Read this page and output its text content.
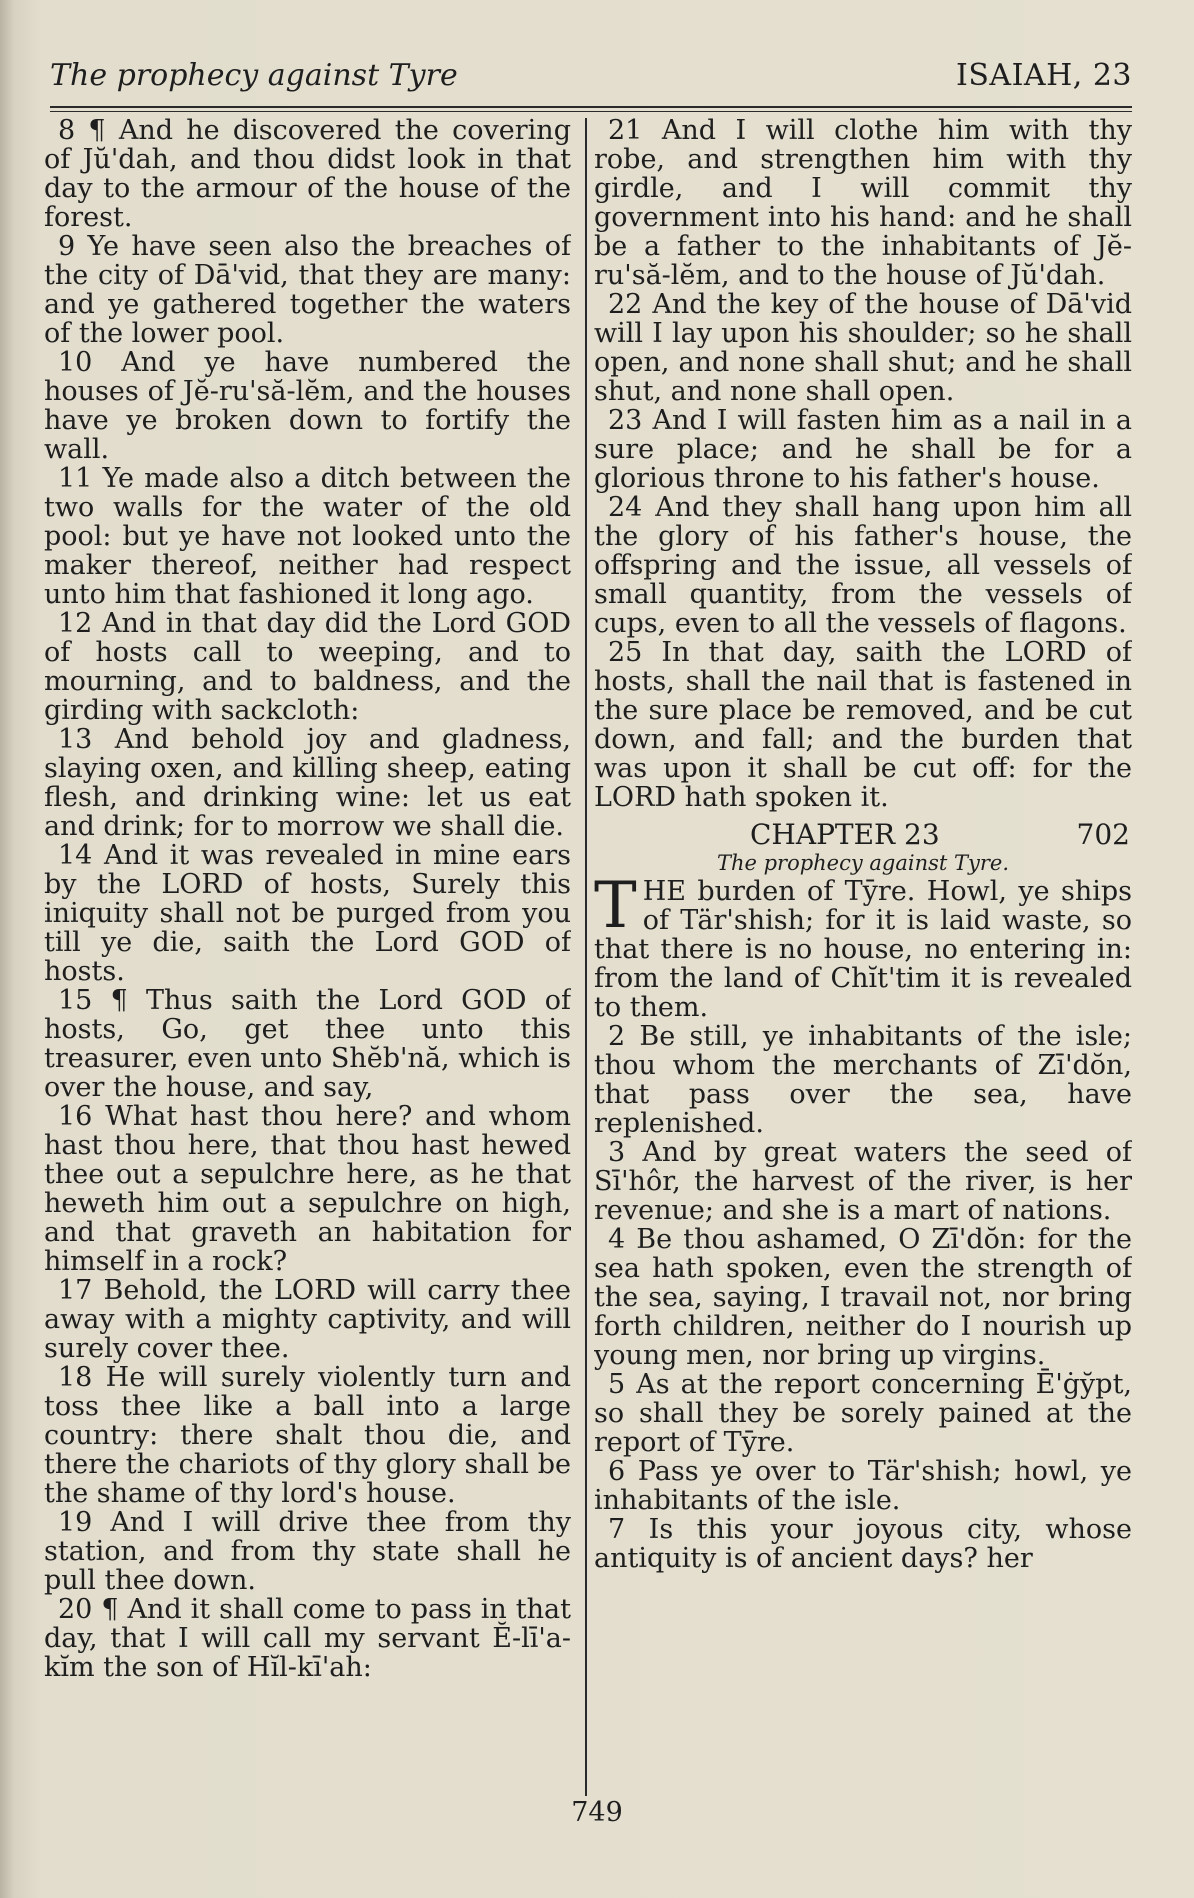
The prophecy against Tyre	ISAIAH, 23

8 ¶ And he discovered the covering of Jŭ'dah, and thou didst look in that day to the armour of the house of the forest.

9 Ye have seen also the breaches of the city of Dā'vid, that they are many: and ye gathered together the waters of the lower pool.

10 And ye have numbered the houses of Jĕ-ru'să-lĕm, and the houses have ye broken down to fortify the wall.

11 Ye made also a ditch between the two walls for the water of the old pool: but ye have not looked unto the maker thereof, neither had respect unto him that fashioned it long ago.

12 And in that day did the Lord GOD of hosts call to weeping, and to mourning, and to baldness, and the girding with sackcloth:

13 And behold joy and gladness, slaying oxen, and killing sheep, eating flesh, and drinking wine: let us eat and drink; for to morrow we shall die.

14 And it was revealed in mine ears by the LORD of hosts, Surely this iniquity shall not be purged from you till ye die, saith the Lord GOD of hosts.

15 ¶ Thus saith the Lord GOD of hosts, Go, get thee unto this treasurer, even unto Shĕb'nă, which is over the house, and say,

16 What hast thou here? and whom hast thou here, that thou hast hewed thee out a sepulchre here, as he that heweth him out a sepulchre on high, and that graveth an habitation for himself in a rock?

17 Behold, the LORD will carry thee away with a mighty captivity, and will surely cover thee.

18 He will surely violently turn and toss thee like a ball into a large country: there shalt thou die, and there the chariots of thy glory shall be the shame of thy lord's house.

19 And I will drive thee from thy station, and from thy state shall he pull thee down.

20 ¶ And it shall come to pass in that day, that I will call my servant Ĕ-lī'a-kĭm the son of Hĭl-kī'ah:

21 And I will clothe him with thy robe, and strengthen him with thy girdle, and I will commit thy government into his hand: and he shall be a father to the inhabitants of Jĕ-ru'să-lĕm, and to the house of Jŭ'dah.

22 And the key of the house of Dā'vid will I lay upon his shoulder; so he shall open, and none shall shut; and he shall shut, and none shall open.

23 And I will fasten him as a nail in a sure place; and he shall be for a glorious throne to his father's house.

24 And they shall hang upon him all the glory of his father's house, the offspring and the issue, all vessels of small quantity, from the vessels of cups, even to all the vessels of flagons.

25 In that day, saith the LORD of hosts, shall the nail that is fastened in the sure place be removed, and be cut down, and fall; and the burden that was upon it shall be cut off: for the LORD hath spoken it.

CHAPTER 23	702
The prophecy against Tyre.

THE burden of Tȳre. Howl, ye ships of Tär'shish; for it is laid waste, so that there is no house, no entering in: from the land of Chĭt'tim it is revealed to them.

2 Be still, ye inhabitants of the isle; thou whom the merchants of Zī'dŏn, that pass over the sea, have replenished.

3 And by great waters the seed of Sī'hôr, the harvest of the river, is her revenue; and she is a mart of nations.

4 Be thou ashamed, O Zī'dŏn: for the sea hath spoken, even the strength of the sea, saying, I travail not, nor bring forth children, neither do I nourish up young men, nor bring up virgins.

5 As at the report concerning Ē'ġy̆pt, so shall they be sorely pained at the report of Tȳre.

6 Pass ye over to Tär'shish; howl, ye inhabitants of the isle.

7 Is this your joyous city, whose antiquity is of ancient days? her

749
